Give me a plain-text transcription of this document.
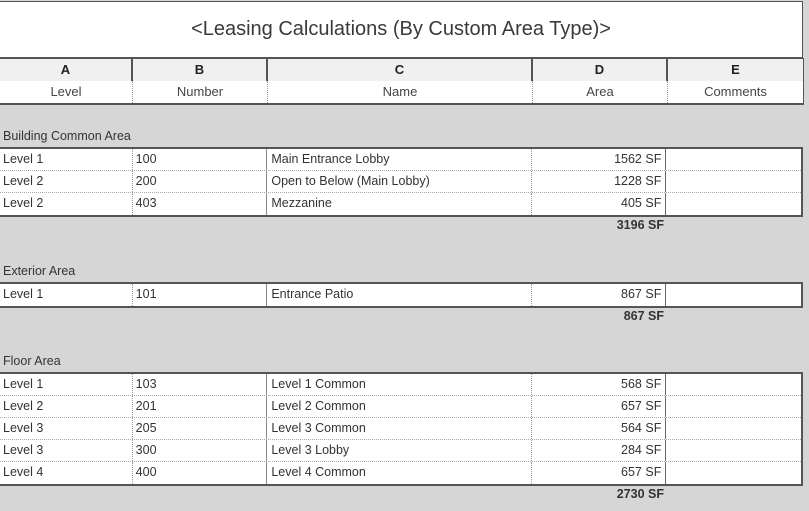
<Leasing Calculations (By Custom Area Type)>
A	B	C	D	E
Level	Number	Name	Area	Comments
Building Common Area
Level 1	100	Main Entrance Lobby	1562 SF
Level 2	200	Open to Below (Main Lobby)	1228 SF
Level 2	403	Mezzanine	405 SF
3196 SF
Exterior Area
Level 1	101	Entrance Patio	867 SF
867 SF
Floor Area
Level 1	103	Level 1 Common	568 SF
Level 2	201	Level 2 Common	657 SF
Level 3	205	Level 3 Common	564 SF
Level 3	300	Level 3 Lobby	284 SF
Level 4	400	Level 4 Common	657 SF
2730 SF
